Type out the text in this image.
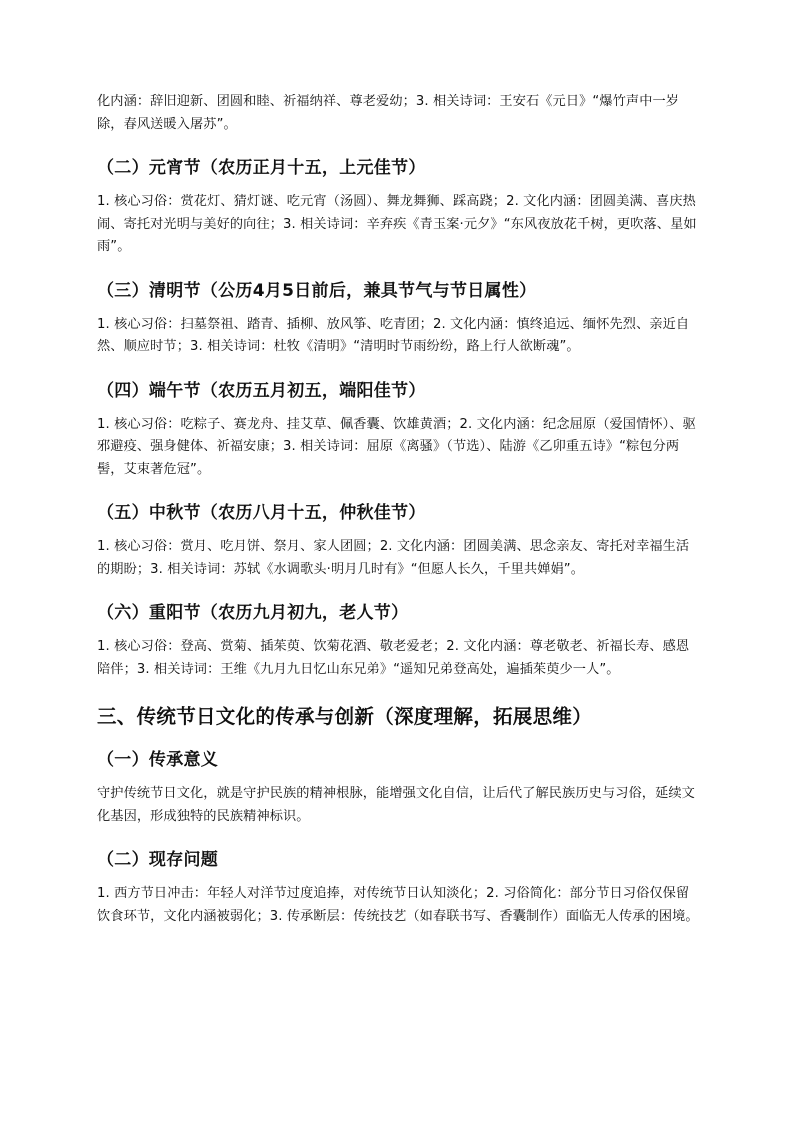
化内涵：辞旧迎新、团圆和睦、祈福纳祥、尊老爱幼；3. 相关诗词：王安石《元日》“爆竹声中一岁除，春风送暖入屠苏”。

（二）元宵节（农历正月十五，上元佳节）

1. 核心习俗：赏花灯、猜灯谜、吃元宵（汤圆）、舞龙舞狮、踩高跷；2. 文化内涵：团圆美满、喜庆热闹、寄托对光明与美好的向往；3. 相关诗词：辛弃疾《青玉案·元夕》“东风夜放花千树，更吹落、星如雨”。

（三）清明节（公历4月5日前后，兼具节气与节日属性）

1. 核心习俗：扫墓祭祖、踏青、插柳、放风筝、吃青团；2. 文化内涵：慎终追远、缅怀先烈、亲近自然、顺应时节；3. 相关诗词：杜牧《清明》“清明时节雨纷纷，路上行人欲断魂”。

（四）端午节（农历五月初五，端阳佳节）

1. 核心习俗：吃粽子、赛龙舟、挂艾草、佩香囊、饮雄黄酒；2. 文化内涵：纪念屈原（爱国情怀）、驱邪避疫、强身健体、祈福安康；3. 相关诗词：屈原《离骚》（节选）、陆游《乙卯重五诗》“粽包分两髻，艾束著危冠”。

（五）中秋节（农历八月十五，仲秋佳节）

1. 核心习俗：赏月、吃月饼、祭月、家人团圆；2. 文化内涵：团圆美满、思念亲友、寄托对幸福生活的期盼；3. 相关诗词：苏轼《水调歌头·明月几时有》“但愿人长久，千里共婵娟”。

（六）重阳节（农历九月初九，老人节）

1. 核心习俗：登高、赏菊、插茱萸、饮菊花酒、敬老爱老；2. 文化内涵：尊老敬老、祈福长寿、感恩陪伴；3. 相关诗词：王维《九月九日忆山东兄弟》“遥知兄弟登高处，遍插茱萸少一人”。

三、传统节日文化的传承与创新（深度理解，拓展思维）
（一）传承意义

守护传统节日文化，就是守护民族的精神根脉，能增强文化自信，让后代了解民族历史与习俗，延续文化基因，形成独特的民族精神标识。

（二）现存问题

1. 西方节日冲击：年轻人对洋节过度追捧，对传统节日认知淡化；2. 习俗简化：部分节日习俗仅保留饮食环节，文化内涵被弱化；3. 传承断层：传统技艺（如春联书写、香囊制作）面临无人传承的困境。
